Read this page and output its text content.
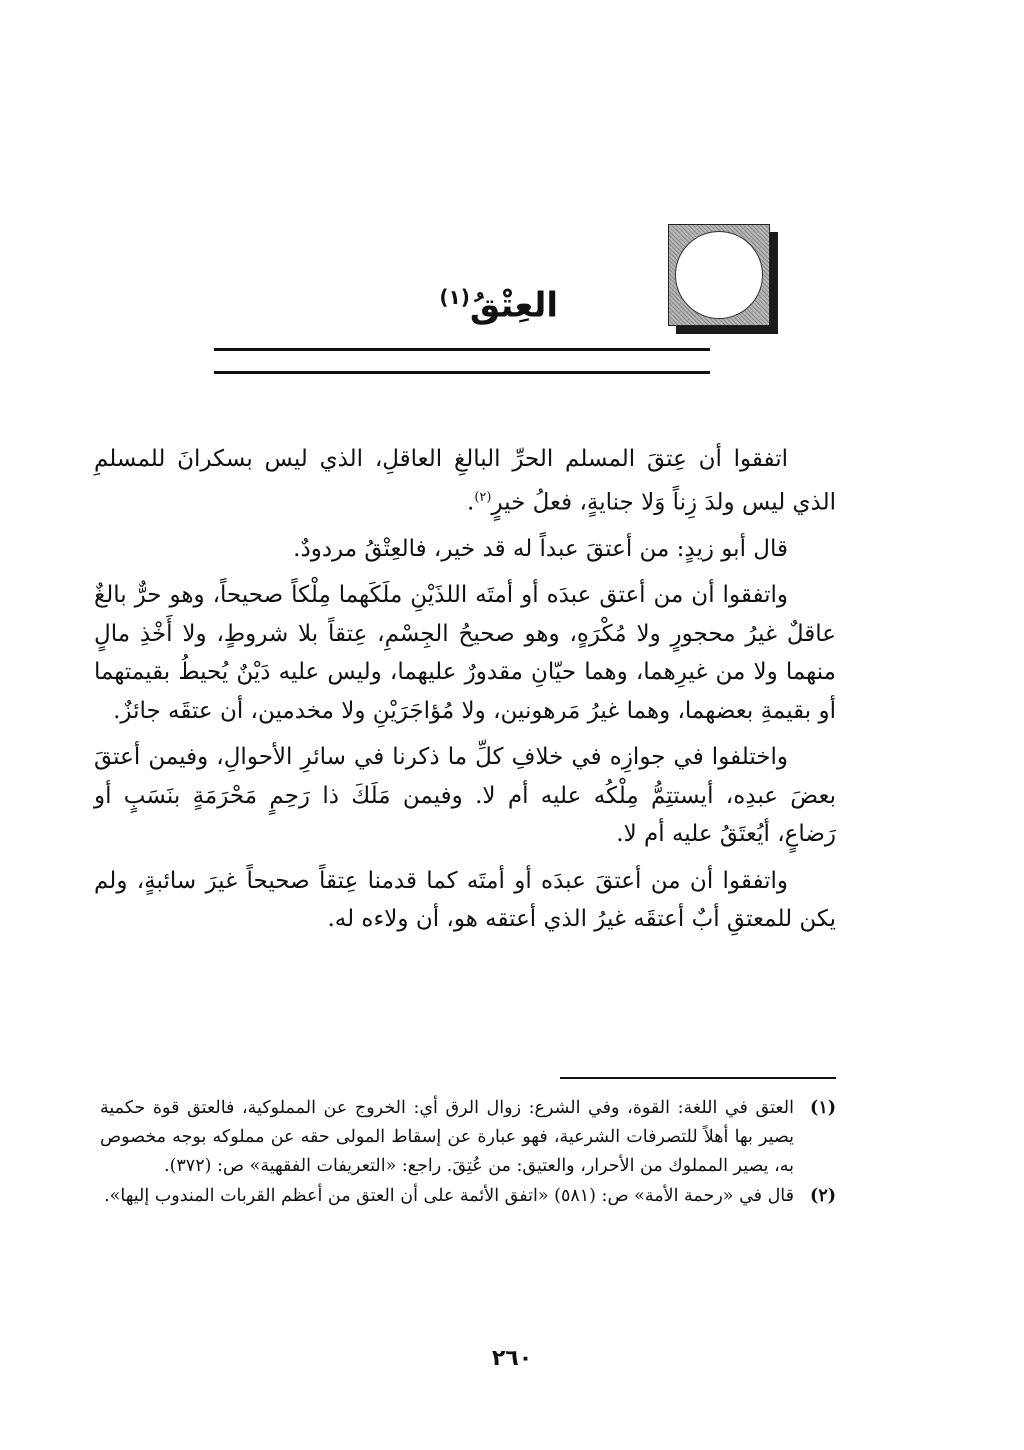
العِتْقُ$^{(١)}$

اتفقوا أن عِتقَ المسلم الحرِّ البالغِ العاقلِ، الذي ليس بسكرانَ للمسلمِ الذي ليس ولدَ زِناً وَلا جنايةٍ، فعلُ خيرٍ$^{(٢)}$.

قال أبو زيدٍ: من أعتقَ عبداً له قد خير، فالعِتْقُ مردودٌ.

واتفقوا أن من أعتق عبدَه أو أمتَه اللذَيْنِ ملَكَهما مِلْكاً صحيحاً، وهو حرٌّ بالغٌ عاقلٌ غيرُ محجورٍ ولا مُكْرَهٍ، وهو صحيحُ الجِسْمِ، عِتقاً بلا شروطٍ، ولا أَخْذِ مالٍ منهما ولا من غيرِهما، وهما حيّانِ مقدورٌ عليهما، وليس عليه دَيْنٌ يُحيطُ بقيمتهما أو بقيمةِ بعضهما، وهما غيرُ مَرهونين، ولا مُؤاجَرَيْنِ ولا مخدمين، أن عتقَه جائزٌ.

واختلفوا في جوازِه في خلافِ كلِّ ما ذكرنا في سائرِ الأحوالِ، وفيمن أعتقَ بعضَ عبدِه، أيستتِمُّ مِلْكُه عليه أم لا. وفيمن مَلَكَ ذا رَحِمٍ مَحْرَمَةٍ بنَسَبٍ أو رَضاعٍ، أيُعتَقُ عليه أم لا.

واتفقوا أن من أعتقَ عبدَه أو أمتَه كما قدمنا عِتقاً صحيحاً غيرَ سائبةٍ، ولم يكن للمعتقِ أبٌ أعتقَه غيرُ الذي أعتقه هو، أن ولاءه له.

(١)
العتق في اللغة: القوة، وفي الشرع: زوال الرق أي: الخروج عن المملوكية، فالعتق قوة حكمية يصير بها أهلاً للتصرفات الشرعية، فهو عبارة عن إسقاط المولى حقه عن مملوكه بوجه مخصوص به، يصير المملوك من الأحرار، والعتيق: من عُتِقَ. راجع: «التعريفات الفقهية» ص: (٣٧٢).
(٢)
قال في «رحمة الأمة» ص: (٥٨١) «اتفق الأئمة على أن العتق من أعظم القربات المندوب إليها».
٢٦٠
